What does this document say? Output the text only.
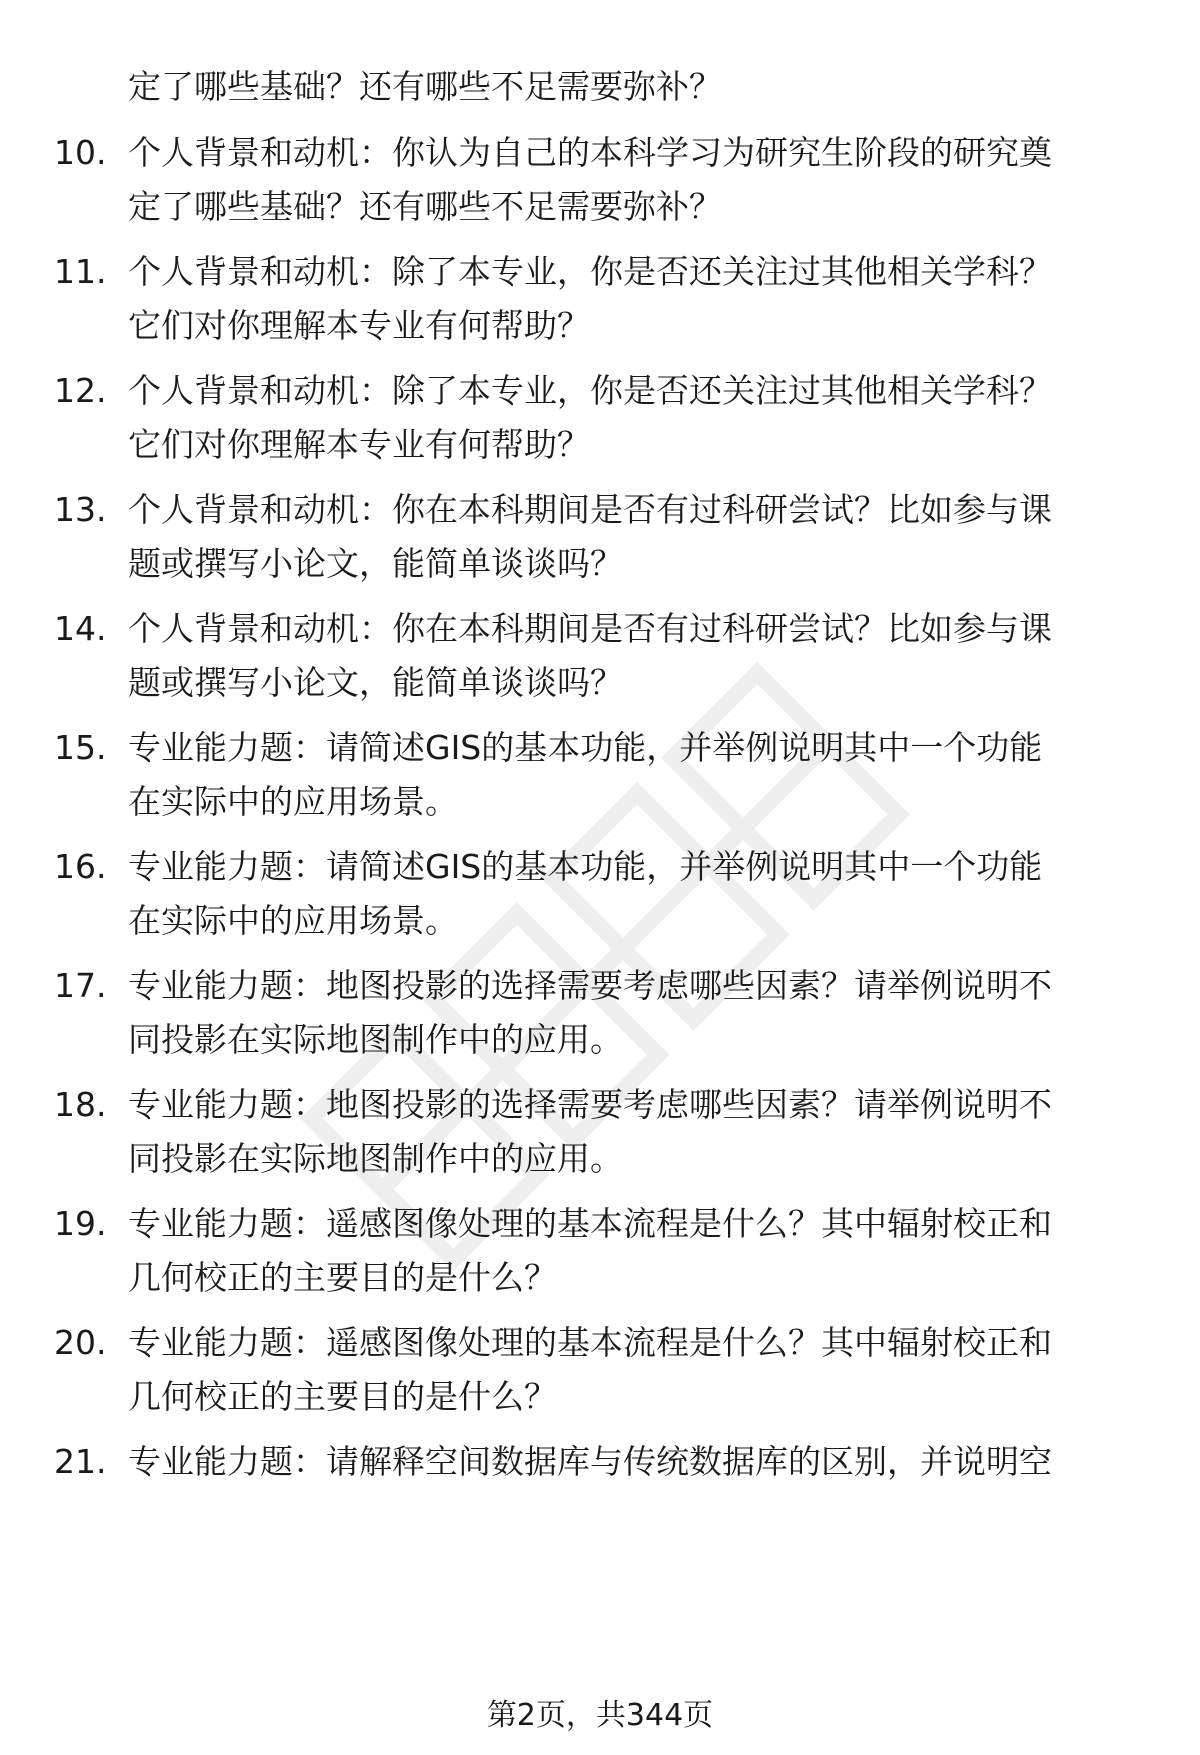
定了哪些基础？还有哪些不足需要弥补？
10. 个人背景和动机：你认为自己的本科学习为研究生阶段的研究奠
定了哪些基础？还有哪些不足需要弥补？
11. 个人背景和动机：除了本专业，你是否还关注过其他相关学科？
它们对你理解本专业有何帮助？
12. 个人背景和动机：除了本专业，你是否还关注过其他相关学科？
它们对你理解本专业有何帮助？
13. 个人背景和动机：你在本科期间是否有过科研尝试？比如参与课
题或撰写小论文，能简单谈谈吗？
14. 个人背景和动机：你在本科期间是否有过科研尝试？比如参与课
题或撰写小论文，能简单谈谈吗？
15. 专业能力题：请简述GIS的基本功能，并举例说明其中一个功能
在实际中的应用场景。
16. 专业能力题：请简述GIS的基本功能，并举例说明其中一个功能
在实际中的应用场景。
17. 专业能力题：地图投影的选择需要考虑哪些因素？请举例说明不
同投影在实际地图制作中的应用。
18. 专业能力题：地图投影的选择需要考虑哪些因素？请举例说明不
同投影在实际地图制作中的应用。
19. 专业能力题：遥感图像处理的基本流程是什么？其中辐射校正和
几何校正的主要目的是什么？
20. 专业能力题：遥感图像处理的基本流程是什么？其中辐射校正和
几何校正的主要目的是什么？
21. 专业能力题：请解释空间数据库与传统数据库的区别，并说明空
第2页，共344页
